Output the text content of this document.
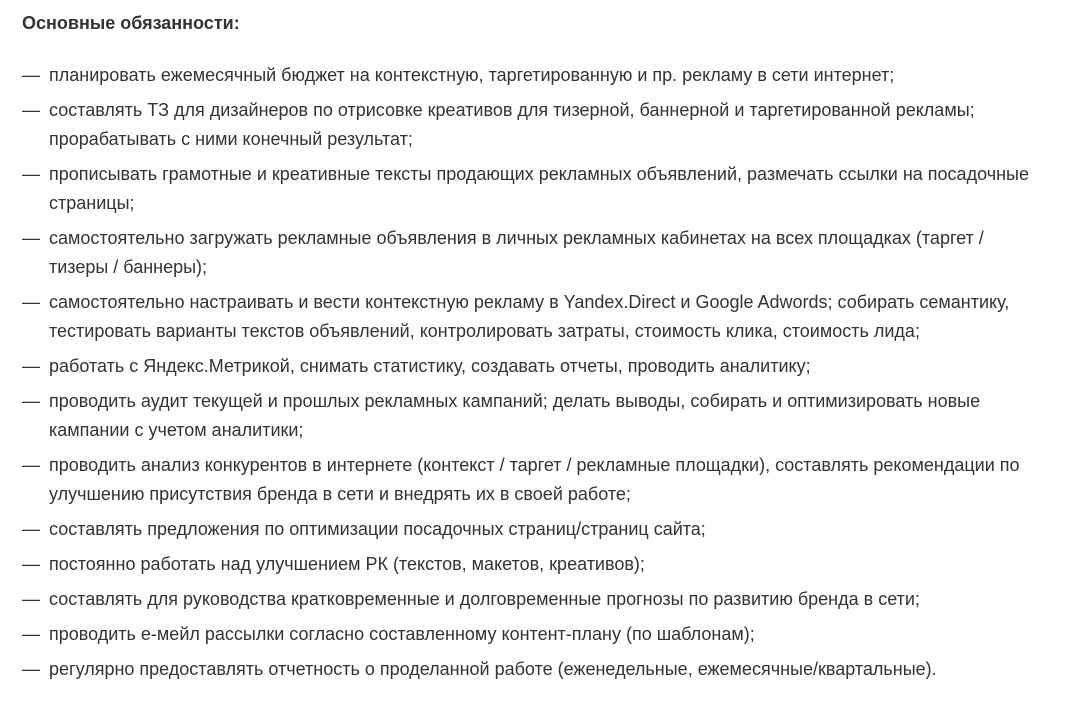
Основные обязанности:
— планировать ежемесячный бюджет на контекстную, таргетированную и пр. рекламу в сети интернет;
— составлять ТЗ для дизайнеров по отрисовке креативов для тизерной, баннерной и таргетированной рекламы; прорабатывать с ними конечный результат;
— прописывать грамотные и креативные тексты продающих рекламных объявлений, размечать ссылки на посадочные страницы;
— самостоятельно загружать рекламные объявления в личных рекламных кабинетах на всех площадках (таргет / тизеры / баннеры);
— самостоятельно настраивать и вести контекстную рекламу в Yandex.Direct и Google Adwords; собирать семантику, тестировать варианты текстов объявлений, контролировать затраты, стоимость клика, стоимость лида;
— работать с Яндекс.Метрикой, снимать статистику, создавать отчеты, проводить аналитику;
— проводить аудит текущей и прошлых рекламных кампаний; делать выводы, собирать и оптимизировать новые кампании с учетом аналитики;
— проводить анализ конкурентов в интернете (контекст / таргет / рекламные площадки), составлять рекомендации по улучшению присутствия бренда в сети и внедрять их в своей работе;
— составлять предложения по оптимизации посадочных страниц/страниц сайта;
— постоянно работать над улучшением РК (текстов, макетов, креативов);
— составлять для руководства кратковременные и долговременные прогнозы по развитию бренда в сети;
— проводить е-мейл рассылки согласно составленному контент-плану (по шаблонам);
— регулярно предоставлять отчетность о проделанной работе (еженедельные, ежемесячные/квартальные).
